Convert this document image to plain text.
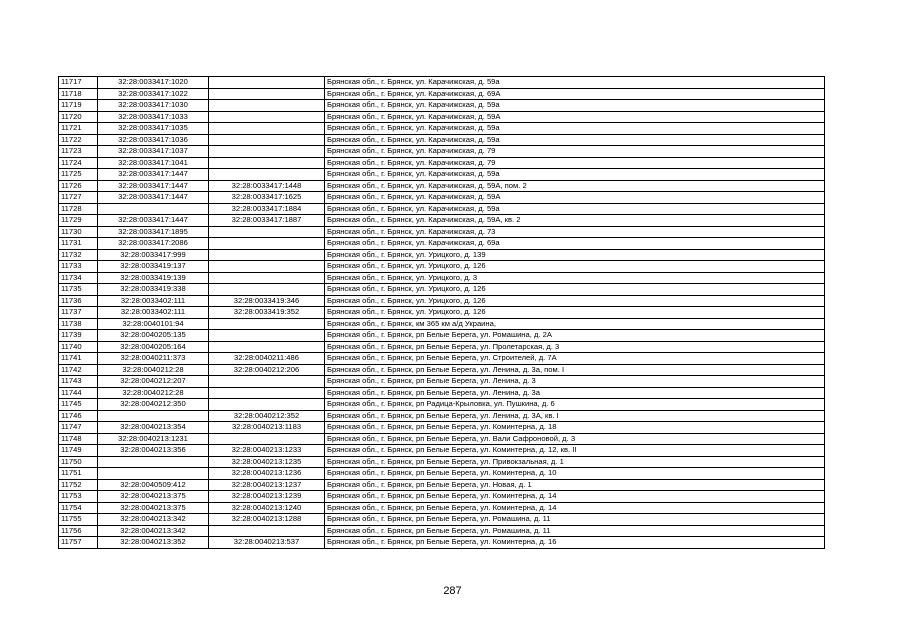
11717	32:28:0033417:1020		Брянская обл., г. Брянск, ул. Карачижская, д. 59а
11718	32:28:0033417:1022		Брянская обл., г. Брянск, ул. Карачижская, д. 69А
11719	32:28:0033417:1030		Брянская обл., г. Брянск, ул. Карачижская, д. 59а
11720	32:28:0033417:1033		Брянская обл., г. Брянск, ул. Карачижская, д. 59А
11721	32:28:0033417:1035		Брянская обл., г. Брянск, ул. Карачижская, д. 59а
11722	32:28:0033417:1036		Брянская обл., г. Брянск, ул. Карачижская, д. 59а
11723	32:28:0033417:1037		Брянская обл., г. Брянск, ул. Карачижская, д. 79
11724	32:28:0033417:1041		Брянская обл., г. Брянск, ул. Карачижская, д. 79
11725	32:28:0033417:1447		Брянская обл., г. Брянск, ул. Карачижская, д. 59а
11726	32:28:0033417:1447	32:28:0033417:1448	Брянская обл., г. Брянск, ул. Карачижская, д. 59А, пом. 2
11727	32:28:0033417:1447	32:28:0033417:1625	Брянская обл., г. Брянск, ул. Карачижская, д. 59А
11728		32:28:0033417:1884	Брянская обл., г. Брянск, ул. Карачижская, д. 59а
11729	32:28:0033417:1447	32:28:0033417:1887	Брянская обл., г. Брянск, ул. Карачижская, д. 59А, кв. 2
11730	32:28:0033417:1895		Брянская обл., г. Брянск, ул. Карачижская, д. 73
11731	32:28:0033417:2086		Брянская обл., г. Брянск, ул. Карачижская, д. 69а
11732	32:28:0033417:999		Брянская обл., г. Брянск, ул. Урицкого, д. 139
11733	32:28:0033419:137		Брянская обл., г. Брянск, ул. Урицкого, д. 126
11734	32:28:0033419:139		Брянская обл., г. Брянск, ул. Урицкого, д. 3
11735	32:28:0033419:338		Брянская обл., г. Брянск, ул. Урицкого, д. 126
11736	32:28:0033402:111	32:28:0033419:346	Брянская обл., г. Брянск, ул. Урицкого, д. 126
11737	32:28:0033402:111	32:28:0033419:352	Брянская обл., г. Брянск, ул. Урицкого, д. 126
11738	32:28:0040101:94		Брянская обл., г. Брянск, км 365 км а/д Украина,
11739	32:28:0040205:135		Брянская обл., г. Брянск, рп Белые Берега, ул. Ромашина, д. 2А
11740	32:28:0040205:164		Брянская обл., г. Брянск, рп Белые Берега, ул. Пролетарская, д. 3
11741	32:28:0040211:373	32:28:0040211:486	Брянская обл., г. Брянск, рп Белые Берега, ул. Строителей, д. 7А
11742	32:28:0040212:28	32:28:0040212:206	Брянская обл., г. Брянск, рп Белые Берега, ул. Ленина, д. 3а, пом. I
11743	32:28:0040212:207		Брянская обл., г. Брянск, рп Белые Берега, ул. Ленина, д. 3
11744	32:28:0040212:28		Брянская обл., г. Брянск, рп Белые Берега, ул. Ленина, д. 3а
11745	32:28:0040212:350		Брянская обл., г. Брянск, рп Радица-Крыловка, ул. Пушкина, д. 6
11746		32:28:0040212:352	Брянская обл., г. Брянск, рп Белые Берега, ул. Ленина, д. 3А, кв. I
11747	32:28:0040213:354	32:28:0040213:1183	Брянская обл., г. Брянск, рп Белые Берега, ул. Коминтерна, д. 18
11748	32:28:0040213:1231		Брянская обл., г. Брянск, рп Белые Берега, ул. Вали Сафроновой, д. 3
11749	32:28:0040213:356	32:28:0040213:1233	Брянская обл., г. Брянск, рп Белые Берега, ул. Коминтерна, д. 12, кв. II
11750		32:28:0040213:1235	Брянская обл., г. Брянск, рп Белые Берега, ул. Привокзальная, д. 1
11751		32:28:0040213:1236	Брянская обл., г. Брянск, рп Белые Берега, ул. Коминтерна, д. 10
11752	32:28:0040509:412	32:28:0040213:1237	Брянская обл., г. Брянск, рп Белые Берега, ул. Новая, д. 1
11753	32:28:0040213:375	32:28:0040213:1239	Брянская обл., г. Брянск, рп Белые Берега, ул. Коминтерна, д. 14
11754	32:28:0040213:375	32:28:0040213:1240	Брянская обл., г. Брянск, рп Белые Берега, ул. Коминтерна, д. 14
11755	32:28:0040213:342	32:28:0040213:1288	Брянская обл., г. Брянск, рп Белые Берега, ул. Ромашина, д. 11
11756	32:28:0040213:342		Брянская обл., г. Брянск, рп Белые Берега, ул. Ромашина, д. 11
11757	32:28:0040213:352	32:28:0040213:537	Брянская обл., г. Брянск, рп Белые Берега, ул. Коминтерна, д. 16
287
